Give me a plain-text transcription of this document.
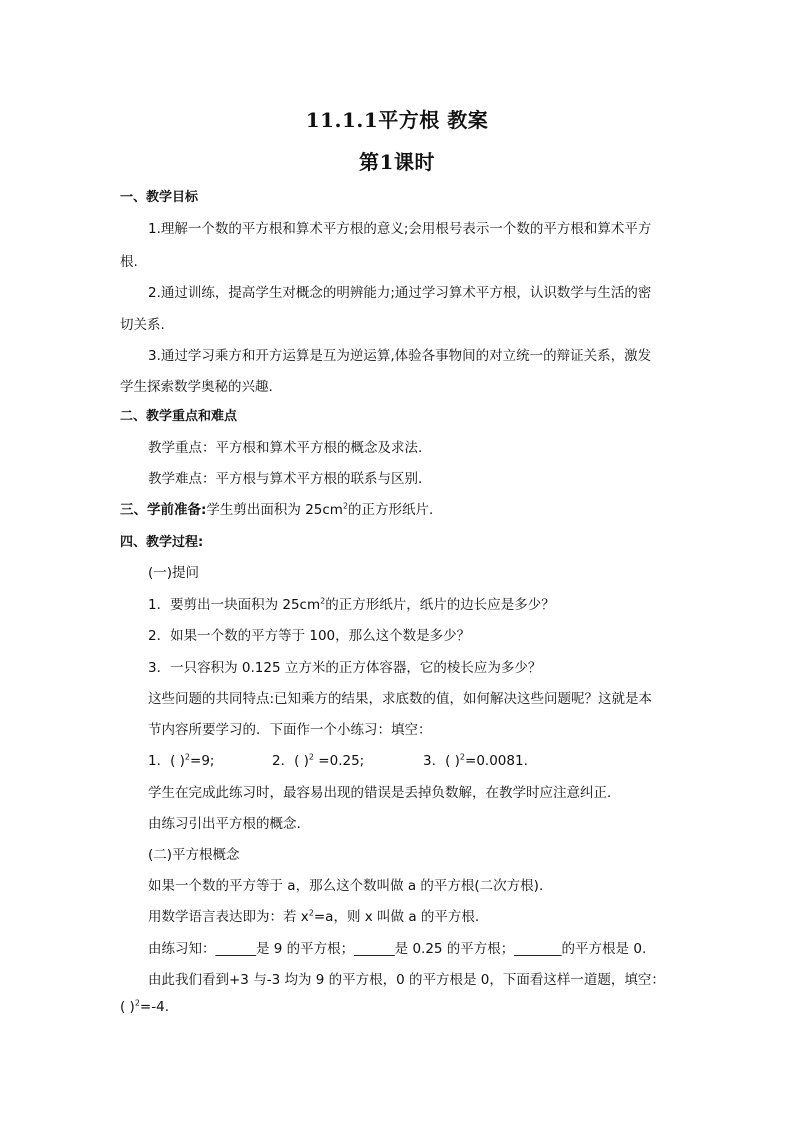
11.1.1平方根 教案
第1课时
一、教学目标
1.理解一个数的平方根和算术平方根的意义;会用根号表示一个数的平方根和算术平方
根.
2.通过训练，提高学生对概念的明辨能力;通过学习算术平方根，认识数学与生活的密
切关系.
3.通过学习乘方和开方运算是互为逆运算,体验各事物间的对立统一的辩证关系，激发
学生探索数学奥秘的兴趣.
二、教学重点和难点
教学重点：平方根和算术平方根的概念及求法.
教学难点：平方根与算术平方根的联系与区别.
三、学前准备:学生剪出面积为 $25cm^2$的正方形纸片.
四、教学过程:
(一)提问
1．要剪出一块面积为 $25cm^2$的正方形纸片，纸片的边长应是多少？
2．如果一个数的平方等于 100，那么这个数是多少？
3．一只容积为 0.125 立方米的正方体容器，它的棱长应为多少？
这些问题的共同特点:已知乘方的结果，求底数的值，如何解决这些问题呢？这就是本
节内容所要学习的．下面作一个小练习：填空：
1．( )$^2$=9;	2．( )$^2$ =0.25;	3．( )$^2$=0.0081.
学生在完成此练习时，最容易出现的错误是丢掉负数解，在教学时应注意纠正．
由练习引出平方根的概念.
(二)平方根概念
如果一个数的平方等于 a，那么这个数叫做 a 的平方根(二次方根).
用数学语言表达即为：若 $x^2=a$，则 x 叫做 a 的平方根.
由练习知：______是 9 的平方根；______是 0.25 的平方根；_______的平方根是 0.
由此我们看到+3 与-3 均为 9 的平方根，0 的平方根是 0，下面看这样一道题，填空：
( )$^2$=-4.
